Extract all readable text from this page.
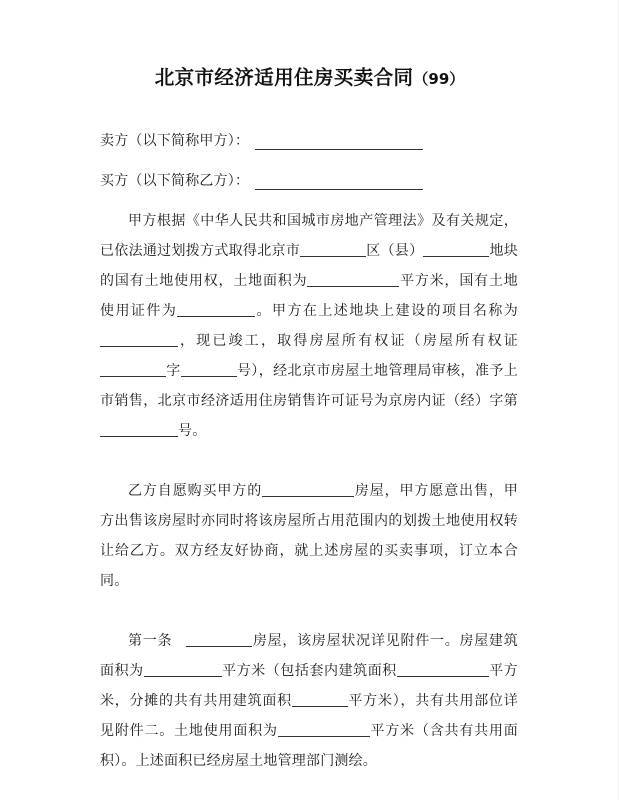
北京市经济适用住房买卖合同（99）
卖方（以下简称甲方）：
买方（以下简称乙方）：

甲方根据《中华人民共和国城市房地产管理法》及有关规定，已依法通过划拨方式取得北京市	区（县）	地块的国有土地使用权，土地面积为	平方米，国有土地使用证件为	。甲方在上述地块上建设的项目名称为，现已竣工，取得房屋所有权证（房屋所有权证字	号），经北京市房屋土地管理局审核，准予上市销售，北京市经济适用住房销售许可证号为京房内证（经）字第号。

乙方自愿购买甲方的	房屋，甲方愿意出售，甲方出售该房屋时亦同时将该房屋所占用范围内的划拨土地使用权转让给乙方。双方经友好协商，就上述房屋的买卖事项，订立本合同。

第一条	房屋，该房屋状况详见附件一。房屋建筑面积为	平方米（包括套内建筑面积	平方米，分摊的共有共用建筑面积	平方米），共有共用部位详见附件二。土地使用面积为	平方米（含共有共用面积）。上述面积已经房屋土地管理部门测绘。
